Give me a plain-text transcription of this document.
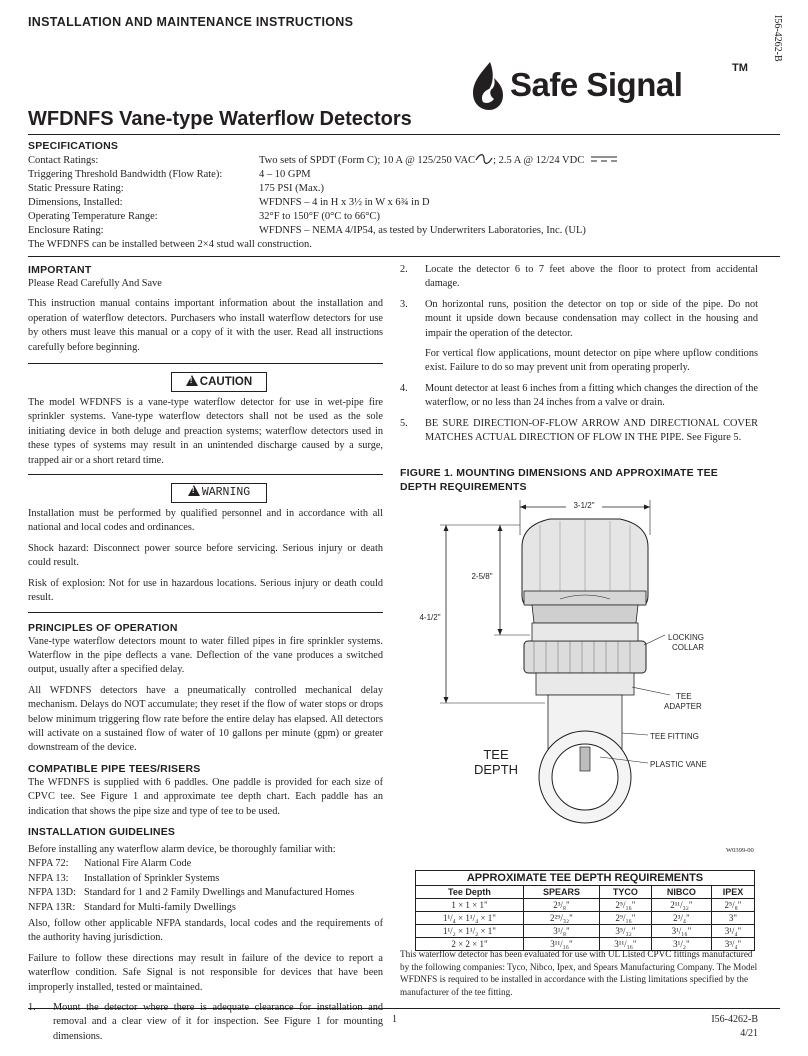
INSTALLATION AND MAINTENANCE INSTRUCTIONS	I56-4262-B
Safe Signal	TM
WFDNFS Vane-type Waterflow Detectors
SPECIFICATIONS
Contact Ratings:	Two sets of SPDT (Form C); 10 A @ 125/250 VAC ; 2.5 A @ 12/24 VDC
Triggering Threshold Bandwidth (Flow Rate):	4 – 10 GPM
Static Pressure Rating:	175 PSI (Max.)
Dimensions, Installed:	WFDNFS – 4 in H x 3½ in W x 6¾ in D
Operating Temperature Range:	32°F to 150°F (0°C to 66°C)
Enclosure Rating:	WFDNFS – NEMA 4/IP54, as tested by Underwriters Laboratories, Inc. (UL)
The WFDNFS can be installed between 2×4 stud wall construction.
IMPORTANT

Please Read Carefully And Save

This instruction manual contains important information about the installation and operation of waterflow detectors. Purchasers who install waterflow detectors for use by others must leave this manual or a copy of it with the user. Read all instructions carefully before beginning.

!CAUTION

The model WFDNFS is a vane-type waterflow detector for use in wet-pipe fire sprinkler systems. Vane-type waterflow detectors shall not be used as the sole initiating device in both deluge and preaction systems; waterflow detectors used in these types of systems may result in an unintended discharge caused by a surge, trapped air or a short retard time.

!WARNING

Installation must be performed by qualified personnel and in accordance with all national and local codes and ordinances.

Shock hazard: Disconnect power source before servicing. Serious injury or death could result.

Risk of explosion: Not for use in hazardous locations. Serious injury or death could result.

PRINCIPLES OF OPERATION

Vane-type waterflow detectors mount to water filled pipes in fire sprinkler systems. Waterflow in the pipe deflects a vane. Deflection of the vane produces a switched output, usually after a specified delay.

All WFDNFS detectors have a pneumatically controlled mechanical delay mechanism. Delays do NOT accumulate; they reset if the flow of water stops or drops below minimum triggering flow rate before the entire delay has elapsed. All detectors will activate on a sustained flow of water of 10 gallons per minute (gpm) or greater downstream of the device.

COMPATIBLE PIPE TEES/RISERS

The WFDNFS is supplied with 6 paddles. One paddle is provided for each size of CPVC tee. See Figure 1 and approximate tee depth chart. Each paddle has an indication that shows the pipe size and type of tee to be used.

INSTALLATION GUIDELINES
Before installing any waterflow alarm device, be thoroughly familiar with:
NFPA 72: National Fire Alarm Code
NFPA 13: Installation of Sprinkler Systems
NFPA 13D: Standard for 1 and 2 Family Dwellings and Manufactured Homes
NFPA 13R: Standard for Multi-family Dwellings

Also, follow other applicable NFPA standards, local codes and the requirements of the authority having jurisdiction.

Failure to follow these directions may result in failure of the device to report a waterflow condition. Safe Signal is not responsible for devices that have been improperly installed, tested or maintained.

removal and a clear view of it for inspection. See Figure 1 for mounting dimensions.
2. Locate the detector 6 to 7 feet above the floor to protect from accidental damage.
3. On horizontal runs, position the detector on top or side of the pipe. Do not mount it upside down because condensation may collect in the housing and impair the operation of the detector.
For vertical flow applications, mount detector on pipe where upflow conditions exist. Failure to do so may prevent unit from operating properly.
4. Mount detector at least 6 inches from a fitting which changes the direction of the waterflow, or no less than 24 inches from a valve or drain.
5. BE SURE DIRECTION-OF-FLOW ARROW AND DIRECTIONAL COVER MATCHES ACTUAL DIRECTION OF FLOW IN THE PIPE. See Figure 5.
FIGURE 1. MOUNTING DIMENSIONS AND APPROXIMATE TEE DEPTH REQUIREMENTS
3-1/2"
4-1/2"
2-5/8"
LOCKING
COLLAR
TEE
ADAPTER
TEE FITTING
PLASTIC VANE
TEE
DEPTH
W0399-00
APPROXIMATE TEE DEPTH REQUIREMENTS				
Tee Depth	SPEARS	TYCO	NIBCO	IPEX
1 × 1 × 1"	2³/₈"	2⁵/₁₆"	2¹¹/₃₂"	2⁵/₈"
1¹/₄ × 1¹/₄ × 1"	2²⁹/₃₂"	2⁹/₁₆"	2³/₄"	3"
1¹/₂ × 1¹/₂ × 1"	3¹/₈"	3⁵/₃₂"	3¹/₁₆"	3¹/₄"
2 × 2 × 1"	3¹¹/₁₆"	3¹¹/₁₆"	3¹/₂"	3³/₄"
This waterflow detector has been evaluated for use with UL Listed CPVC fittings manufactured by the following companies: Tyco, Nibco, Ipex, and Spears Manufacturing Company. The Model WFDNFS is required to be installed in accordance with the Listing limitations specified by the manufacturer of the tee fitting.
1	I56-4262-B
4/21
